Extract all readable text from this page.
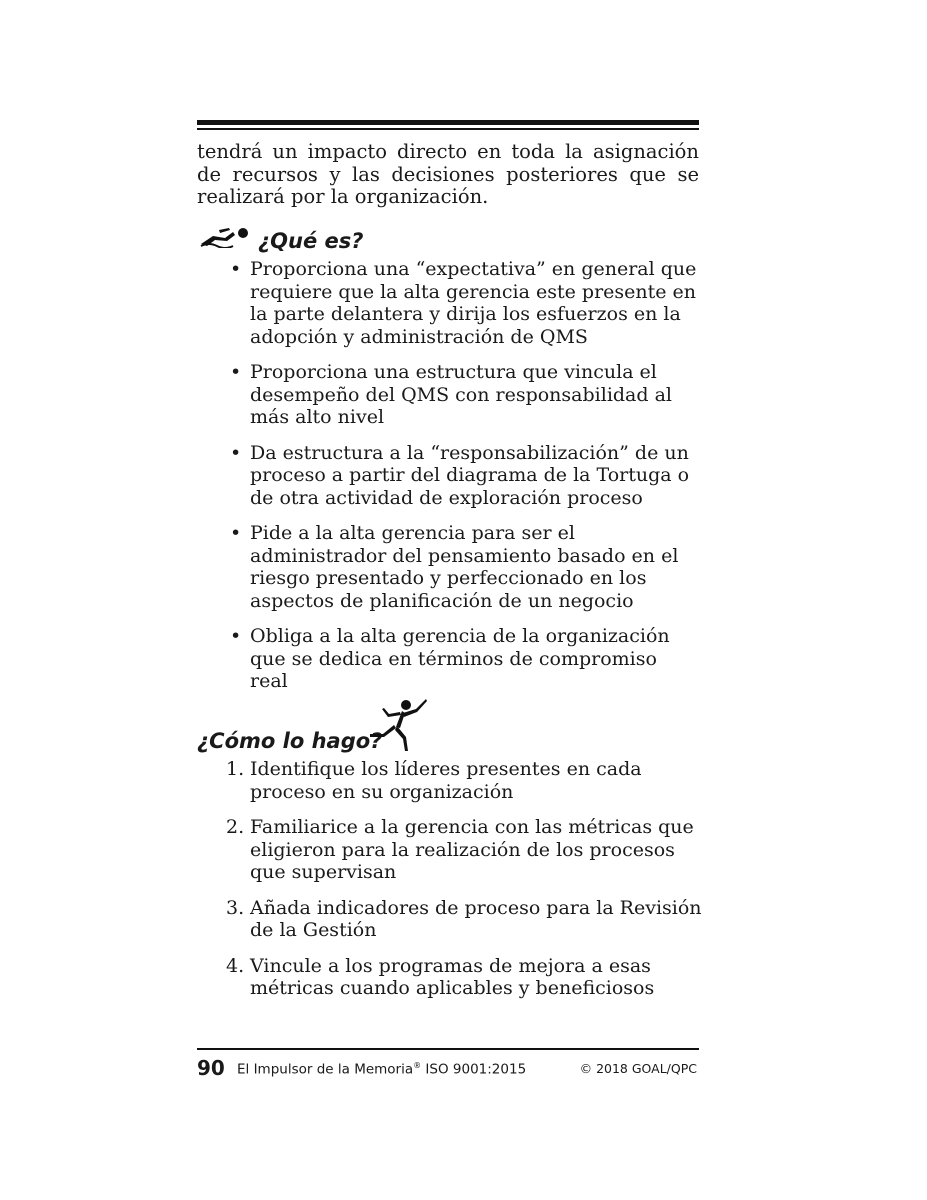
tendrá un impacto directo en toda la asignación de recursos y las decisiones posteriores que se realizará por la organización.
¿Qué es?
• Proporciona una “expectativa” en general que requiere que la alta gerencia este presente en la parte delantera y dirija los esfuerzos en la adopción y administración de QMS
• Proporciona una estructura que vincula el desempeño del QMS con responsabilidad al más alto nivel
• Da estructura a la “responsabilización” de un proceso a partir del diagrama de la Tortuga o de otra actividad de exploración proceso
• Pide a la alta gerencia para ser el administrador del pensamiento basado en el riesgo presentado y perfeccionado en los aspectos de planificación de un negocio
• Obliga a la alta gerencia de la organización que se dedica en términos de compromiso real
¿Cómo lo hago?
1. Identifique los líderes presentes en cada proceso en su organización
2. Familiarice a la gerencia con las métricas que eligieron para la realización de los procesos que supervisan
3. Añada indicadores de proceso para la Revisión de la Gestión
4. Vincule a los programas de mejora a esas métricas cuando aplicables y beneficiosos
90 El Impulsor de la Memoria® ISO 9001:2015	© 2018 GOAL/QPC
